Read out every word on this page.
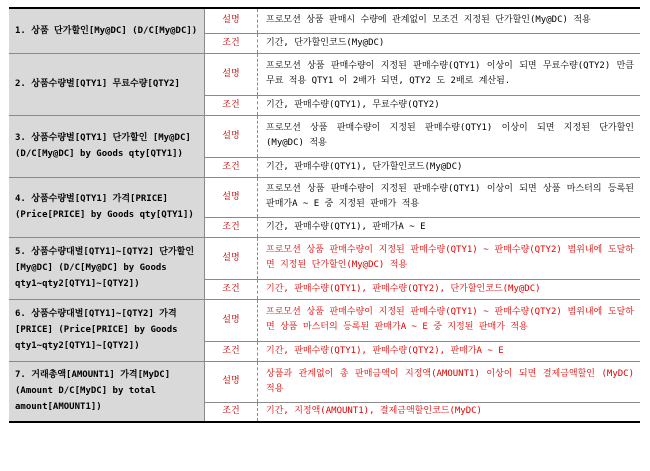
1. 상품 단가할인[My@DC] (D/C[My@DC])	설명	프로모션 상품 판매시 수량에 관계없이 모조건 지정된 단가할인(My@DC) 적용
	조건	기간, 단가할인코드(My@DC)
2. 상품수량별[QTY1] 무료수량[QTY2]	설명	프로모션 상품 판매수량이 지정된 판매수량(QTY1) 이상이 되면 무료수량(QTY2) 만큼 무료 적용 QTY1 이 2배가 되면, QTY2 도 2배로 계산됨.
	조건	기간, 판매수량(QTY1), 무료수량(QTY2)
3. 상품수량별[QTY1] 단가할인 [My@DC] (D/C[My@DC] by Goods qty[QTY1])	설명	프로모션 상품 판매수량이 지정된 판매수량(QTY1) 이상이 되면 지정된 단가할인 (My@DC) 적용
	조건	기간, 판매수량(QTY1), 단가할인코드(My@DC)
4. 상품수량별[QTY1] 가격[PRICE] (Price[PRICE] by Goods qty[QTY1])	설명	프로모션 상품 판매수량이 지정된 판매수량(QTY1) 이상이 되면 상품 마스터의 등록된 판매가A ~ E 중 지정된 판매가 적용
	조건	기간, 판매수량(QTY1), 판매가A ~ E
5. 상품수량대별[QTY1]~[QTY2] 단가할인[My@DC] (D/C[My@DC] by Goods qty1~qty2[QTY1]~[QTY2])	설명	프로모션 상품 판매수량이 지정된 판매수량(QTY1) ~ 판매수량(QTY2) 범위내에 도달하면 지정된 단가할인(My@DC) 적용
	조건	기간, 판매수량(QTY1), 판매수량(QTY2), 단가할인코드(My@DC)
6. 상품수량대별[QTY1]~[QTY2] 가격[PRICE] (Price[PRICE] by Goods qty1~qty2[QTY1]~[QTY2])	설명	프로모션 상품 판매수량이 지정된 판매수량(QTY1) ~ 판매수량(QTY2) 범위내에 도달하면 상품 마스터의 등록된 판매가A ~ E 중 지정된 판매가 적용
	조건	기간, 판매수량(QTY1), 판매수량(QTY2), 판매가A ~ E
7. 거래총액[AMOUNT1] 가격[MyDC] (Amount D/C[MyDC] by total amount[AMOUNT1])	설명	상품과 관계없이 총 판매금액이 지정액(AMOUNT1) 이상이 되면 결제금액할인 (MyDC) 적용
	조건	기간, 지정액(AMOUNT1), 결제금액할인코드(MyDC)
